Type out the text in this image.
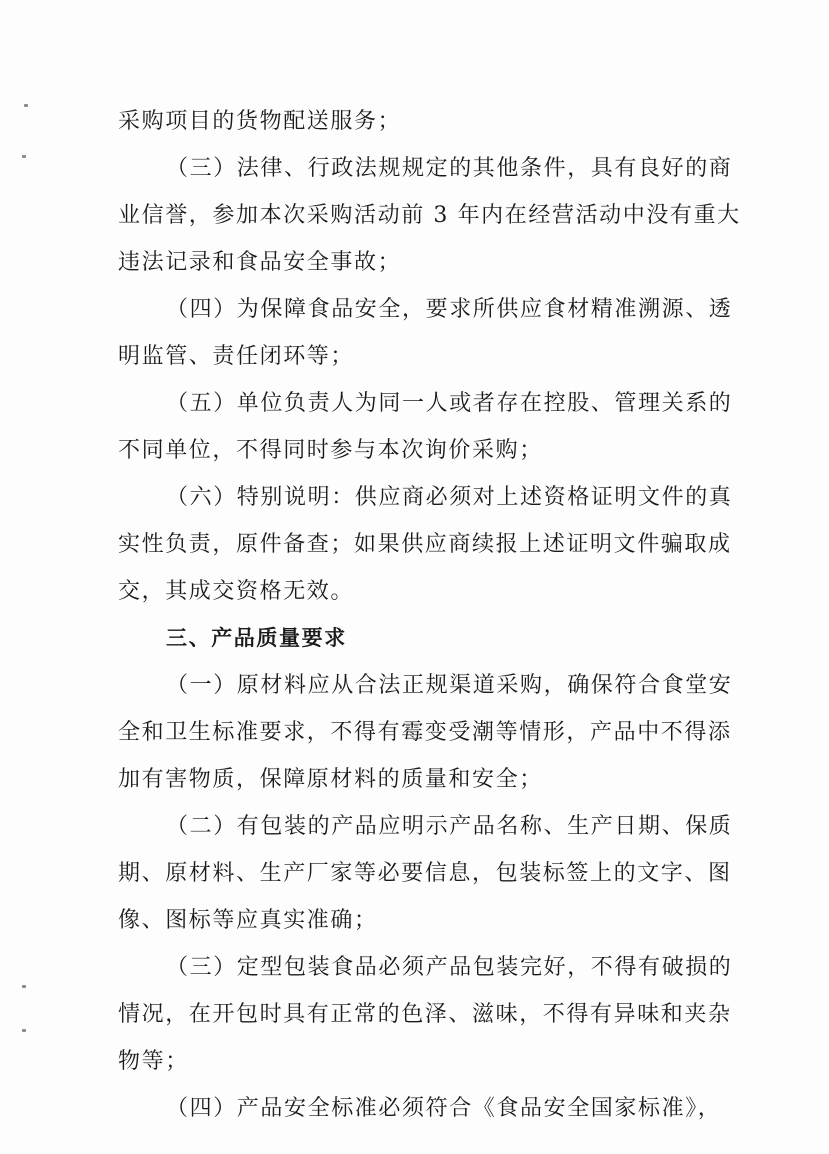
采购项目的货物配送服务；
（三）法律、行政法规规定的其他条件，具有良好的商
业信誉，参加本次采购活动前 3 年内在经营活动中没有重大
违法记录和食品安全事故；
（四）为保障食品安全，要求所供应食材精准溯源、透
明监管、责任闭环等；
（五）单位负责人为同一人或者存在控股、管理关系的
不同单位，不得同时参与本次询价采购；
（六）特别说明：供应商必须对上述资格证明文件的真
实性负责，原件备查；如果供应商续报上述证明文件骗取成
交，其成交资格无效。
三、产品质量要求
（一）原材料应从合法正规渠道采购，确保符合食堂安
全和卫生标准要求，不得有霉变受潮等情形，产品中不得添
加有害物质，保障原材料的质量和安全；
（二）有包装的产品应明示产品名称、生产日期、保质
期、原材料、生产厂家等必要信息，包装标签上的文字、图
像、图标等应真实准确；
（三）定型包装食品必须产品包装完好，不得有破损的
情况，在开包时具有正常的色泽、滋味，不得有异味和夹杂
物等；
（四）产品安全标准必须符合《食品安全国家标准》，
